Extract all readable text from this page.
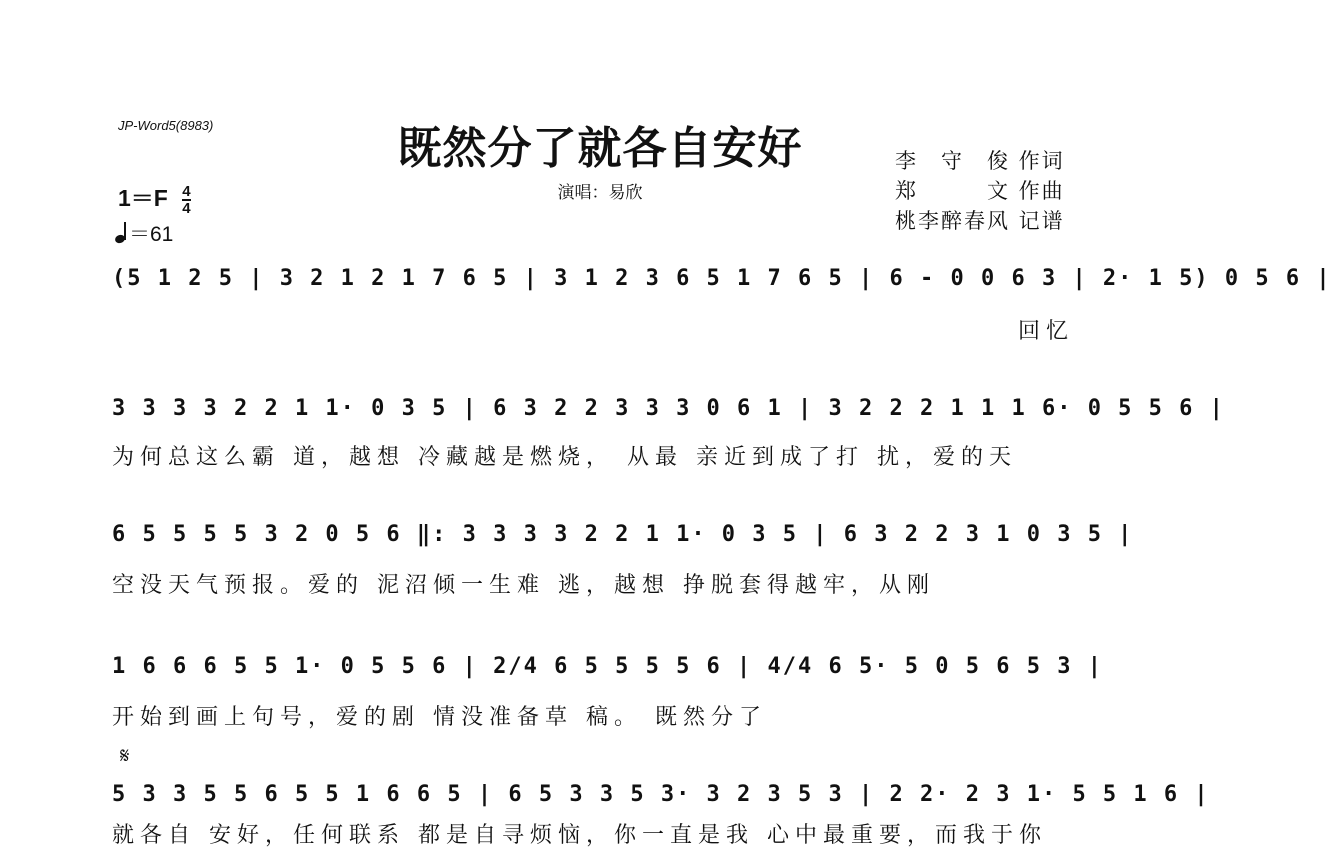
JP-Word5(8983)	既然分了就各自安好
演唱：易欣
李　守　俊 作词
郑　　　文 作曲
桃李醉春风 记谱
$1=F \frac{4}{4}$
＝61
(5 1 2 5 | 3 2 1 2 1 7 6 5 | 3 1 2 3 6 5 1 7 6 5 | 6 - 0 0 6 3 | 2· 1 5) 0 5 6 |
回忆
3 3 3 3 2 2 1 1· 0 3 5 | 6 3 2 2 3 3 3 0 6 1 | 3 2 2 2 1 1 1 6· 0 5 5 6 |
为何总这么霸 道，越想 冷藏越是燃烧， 从最 亲近到成了打 扰，爱的天
6 5 5 5 5 3 2 0 5 6 ‖: 3 3 3 3 2 2 1 1· 0 3 5 | 6 3 2 2 3 1 0 3 5 |
空没天气预报。爱的 泥沼倾一生难 逃，越想 挣脱套得越牢，从刚
1 6 6 6 5 5 1· 0 5 5 6 | 2/4 6 5 5 5 5 6 | 4/4 6 5· 5 0 5 6 5 3 |
开始到画上句号，爱的剧 情没准备草 稿。 既然分了
𝄋
5 3 3 5 5 6 5 5 1 6 6 5 | 6 5 3 3 5 3· 3 2 3 5 3 | 2 2· 2 3 1· 5 5 1 6 |
就各自 安好，任何联系 都是自寻烦恼，你一直是我 心中最重要，而我于你
